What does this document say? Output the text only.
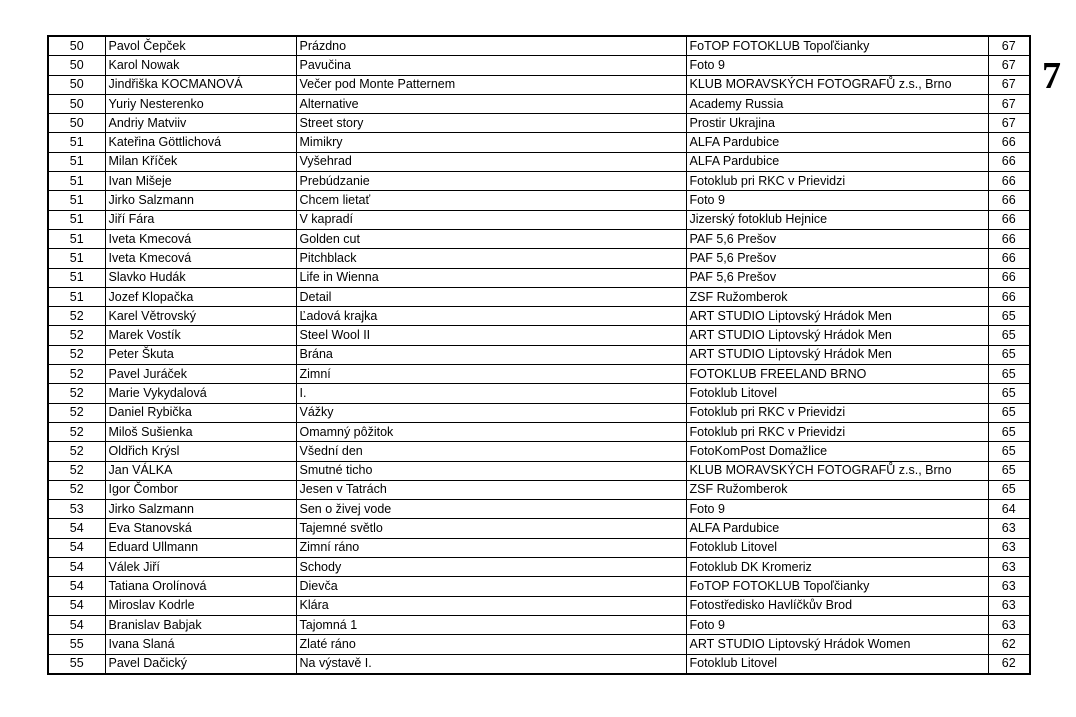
50	Pavol Čepček	Prázdno	FoTOP FOTOKLUB Topoľčianky	67
50	Karol Nowak	Pavučina	Foto 9	67
50	Jindřiška KOCMANOVÁ	Večer pod Monte Patternem	KLUB MORAVSKÝCH FOTOGRAFŮ z.s., Brno	67
50	Yuriy Nesterenko	Alternative	Academy Russia	67
50	Andriy Matviiv	Street story	Prostir Ukrajina	67
51	Kateřina Göttlichová	Mimikry	ALFA Pardubice	66
51	Milan Kříček	Vyšehrad	ALFA Pardubice	66
51	Ivan Mišeje	Prebúdzanie	Fotoklub pri RKC v Prievidzi	66
51	Jirko Salzmann	Chcem lietať	Foto 9	66
51	Jiří Fára	V kapradí	Jizerský fotoklub Hejnice	66
51	Iveta Kmecová	Golden cut	PAF 5,6 Prešov	66
51	Iveta Kmecová	Pitchblack	PAF 5,6 Prešov	66
51	Slavko Hudák	Life in Wienna	PAF 5,6 Prešov	66
51	Jozef Klopačka	Detail	ZSF Ružomberok	66
52	Karel Větrovský	Ľadová krajka	ART STUDIO Liptovský Hrádok Men	65
52	Marek Vostík	Steel Wool II	ART STUDIO Liptovský Hrádok Men	65
52	Peter Škuta	Brána	ART STUDIO Liptovský Hrádok Men	65
52	Pavel Juráček	Zimní	FOTOKLUB FREELAND BRNO	65
52	Marie Vykydalová	I.	Fotoklub Litovel	65
52	Daniel Rybička	Vážky	Fotoklub pri RKC v Prievidzi	65
52	Miloš Sušienka	Omamný pôžitok	Fotoklub pri RKC v Prievidzi	65
52	Oldřich Krýsl	Všední den	FotoKomPost Domažlice	65
52	Jan VÁLKA	Smutné ticho	KLUB MORAVSKÝCH FOTOGRAFŮ z.s., Brno	65
52	Igor Čombor	Jesen v Tatrách	ZSF Ružomberok	65
53	Jirko Salzmann	Sen o živej vode	Foto 9	64
54	Eva Stanovská	Tajemné světlo	ALFA Pardubice	63
54	Eduard Ullmann	Zimní ráno	Fotoklub Litovel	63
54	Válek Jiří	Schody	Fotoklub DK Kromeriz	63
54	Tatiana Orolínová	Dievča	FoTOP FOTOKLUB Topoľčianky	63
54	Miroslav Kodrle	Klára	Fotostředisko Havlíčkův Brod	63
54	Branislav Babjak	Tajomná 1	Foto 9	63
55	Ivana Slaná	Zlaté ráno	ART STUDIO Liptovský Hrádok Women	62
55	Pavel Dačický	Na výstavě I.	Fotoklub Litovel	62
7
